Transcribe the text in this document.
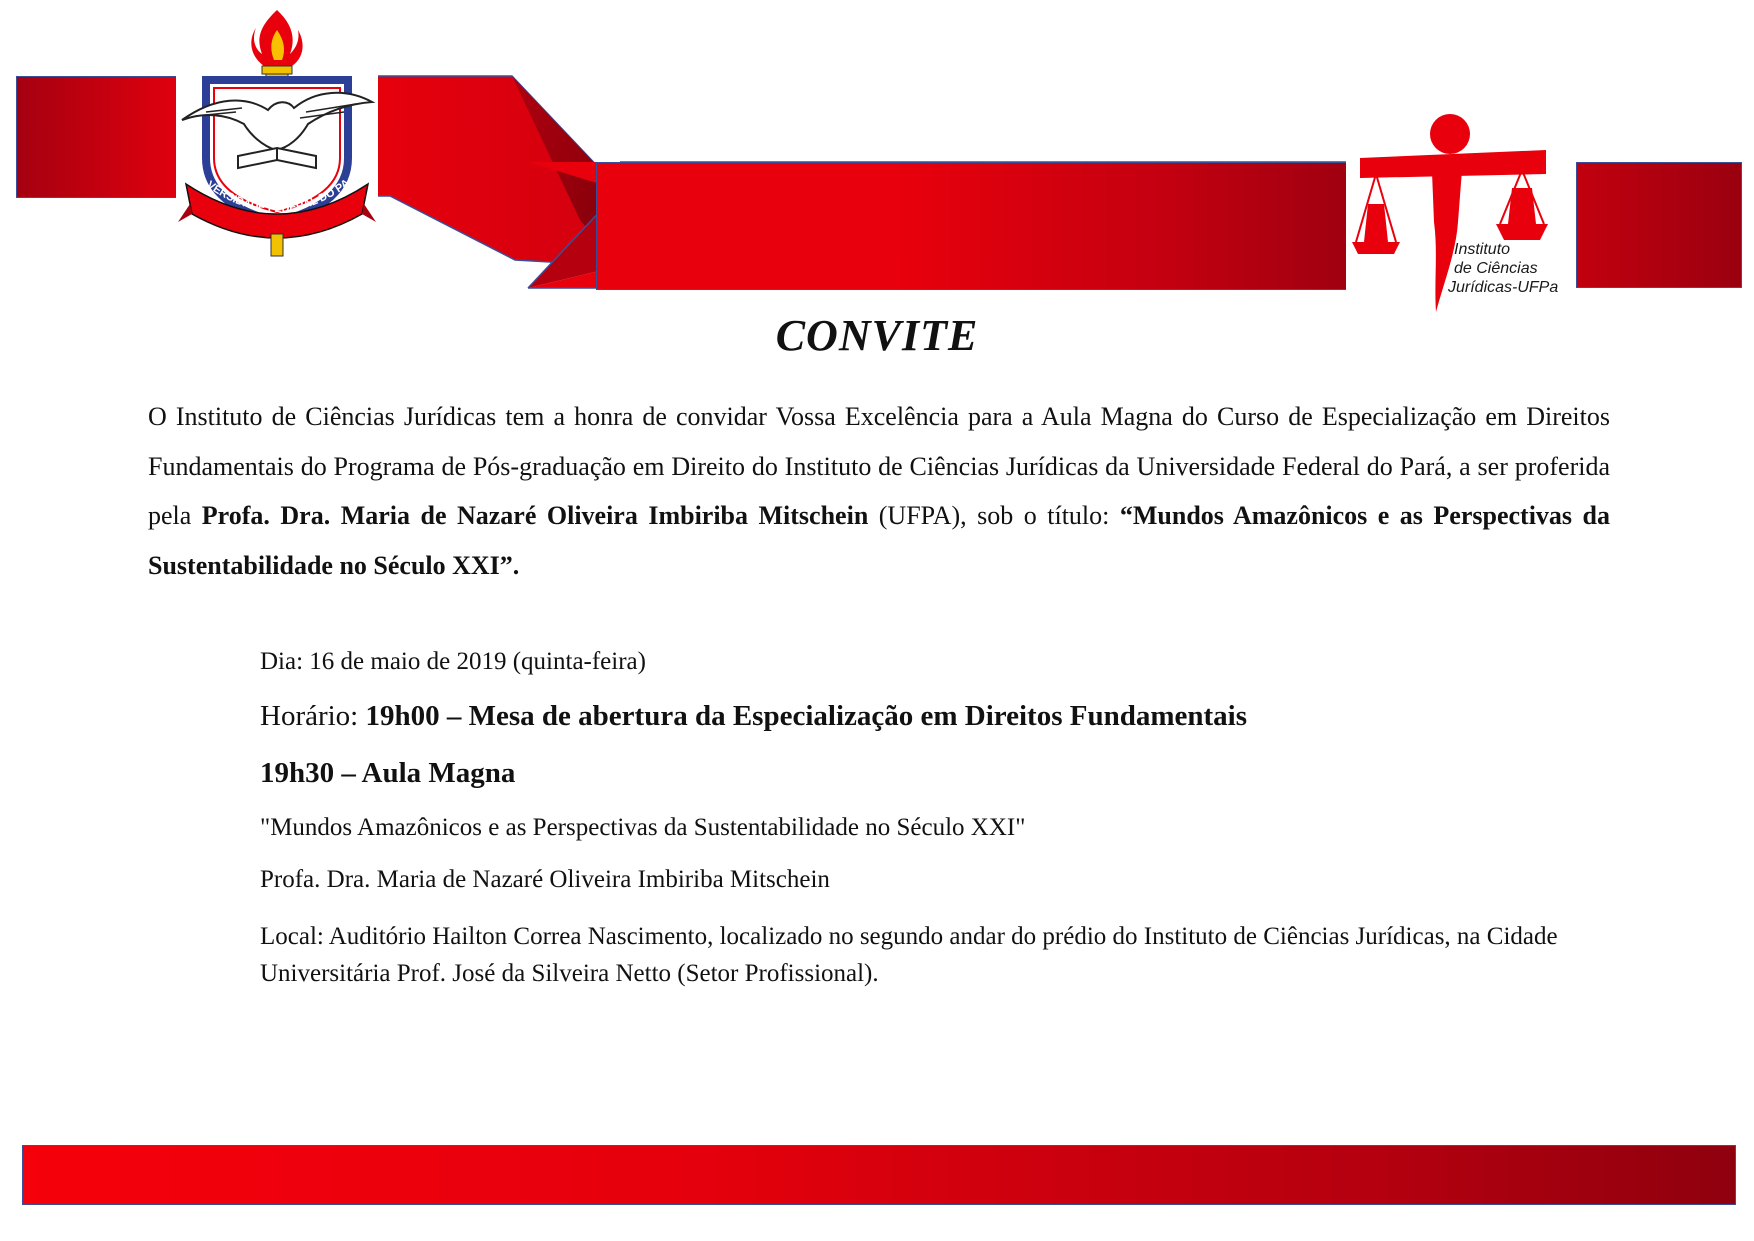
VERSIDADE FEDERAL DO PA
Instituto
de Ciências
Jurídicas-UFPa
CONVITE
O Instituto de Ciências Jurídicas tem a honra de convidar Vossa Excelência para a Aula Magna do Curso de Especialização em Direitos Fundamentais do Programa de Pós-graduação em Direito do Instituto de Ciências Jurídicas da Universidade Federal do Pará, a ser proferida pela Profa. Dra. Maria de Nazaré Oliveira Imbiriba Mitschein (UFPA), sob o título: “Mundos Amazônicos e as Perspectivas da Sustentabilidade no Século XXI”.
Dia: 16 de maio de 2019 (quinta-feira)
Horário: 19h00 – Mesa de abertura da Especialização em Direitos Fundamentais
19h30 – Aula Magna
"Mundos Amazônicos e as Perspectivas da Sustentabilidade no Século XXI"
Profa. Dra. Maria de Nazaré Oliveira Imbiriba Mitschein
Local: Auditório Hailton Correa Nascimento, localizado no segundo andar do prédio do Instituto de Ciências Jurídicas, na Cidade Universitária Prof. José da Silveira Netto (Setor Profissional).
